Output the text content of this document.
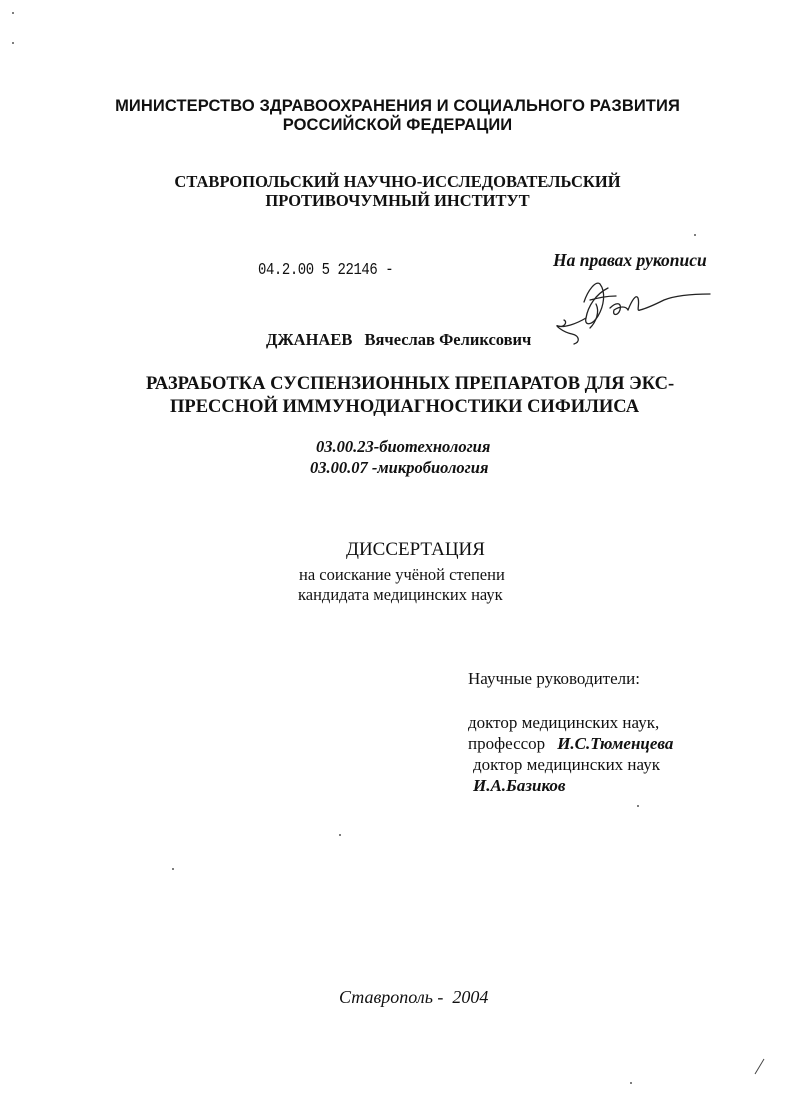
МИНИСТЕРСТВО ЗДРАВООХРАНЕНИЯ И СОЦИАЛЬНОГО РАЗВИТИЯ
РОССИЙСКОЙ ФЕДЕРАЦИИ
СТАВРОПОЛЬСКИЙ НАУЧНО-ИССЛЕДОВАТЕЛЬСКИЙ
ПРОТИВОЧУМНЫЙ ИНСТИТУТ
04.2.00 5 22146 -
На правах рукописи
ДЖАНАЕВ Вячеслав Феликсович
РАЗРАБОТКА СУСПЕНЗИОННЫХ ПРЕПАРАТОВ ДЛЯ ЭКС-
ПРЕССНОЙ ИММУНОДИАГНОСТИКИ СИФИЛИСА
03.00.23-биотехнология
03.00.07 -микробиология
ДИССЕРТАЦИЯ
на соискание учёной степени
кандидата медицинских наук
Научные руководители:
доктор медицинских наук,
профессор И.С.Тюменцева
доктор медицинских наук
И.А.Базиков
Ставрополь -  2004
